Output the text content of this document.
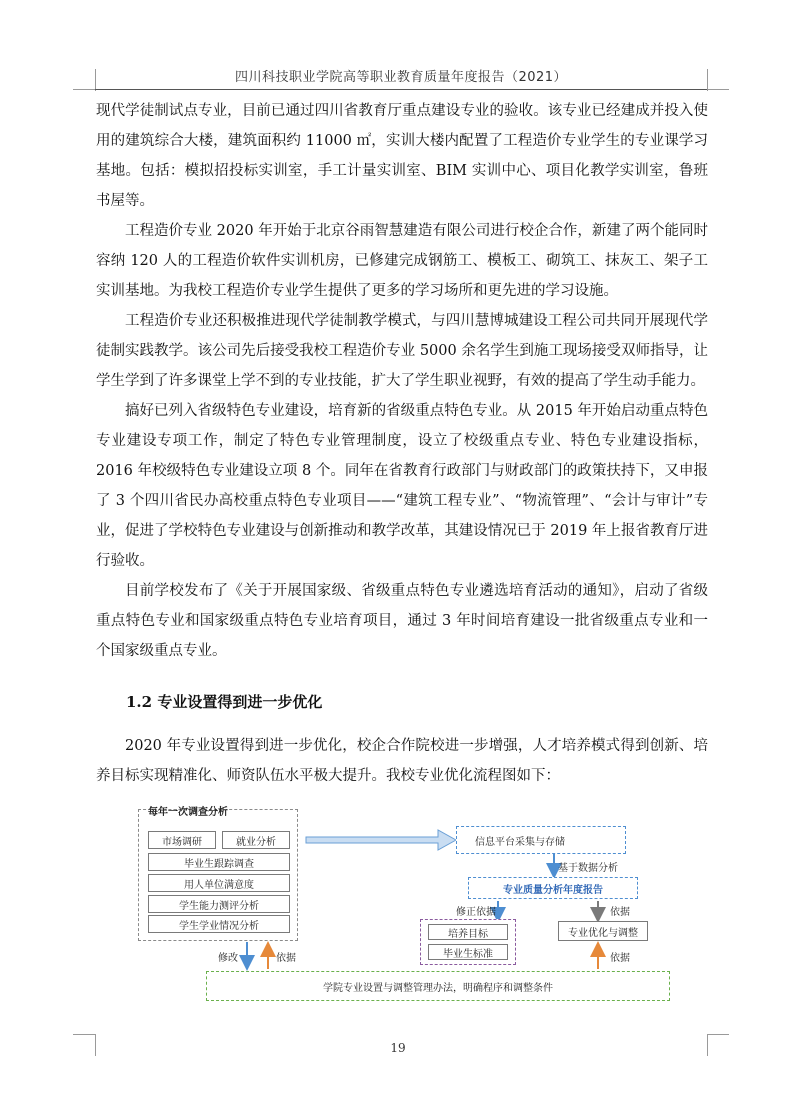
四川科技职业学院高等职业教育质量年度报告（2021）

现代学徒制试点专业，目前已通过四川省教育厅重点建设专业的验收。该专业已经建成并投入使用的建筑综合大楼，建筑面积约 11000 ㎡，实训大楼内配置了工程造价专业学生的专业课学习基地。包括：模拟招投标实训室，手工计量实训室、BIM 实训中心、项目化教学实训室，鲁班书屋等。

工程造价专业 2020 年开始于北京谷雨智慧建造有限公司进行校企合作，新建了两个能同时容纳 120 人的工程造价软件实训机房，已修建完成钢筋工、模板工、砌筑工、抹灰工、架子工实训基地。为我校工程造价专业学生提供了更多的学习场所和更先进的学习设施。

工程造价专业还积极推进现代学徒制教学模式，与四川慧博城建设工程公司共同开展现代学徒制实践教学。该公司先后接受我校工程造价专业 5000 余名学生到施工现场接受双师指导，让学生学到了许多课堂上学不到的专业技能，扩大了学生职业视野，有效的提高了学生动手能力。

搞好已列入省级特色专业建设，培育新的省级重点特色专业。从 2015 年开始启动重点特色专业建设专项工作，制定了特色专业管理制度，设立了校级重点专业、特色专业建设指标，2016 年校级特色专业建设立项 8 个。同年在省教育行政部门与财政部门的政策扶持下，又申报了 3 个四川省民办高校重点特色专业项目——“建筑工程专业”、“物流管理”、“会计与审计”专业，促进了学校特色专业建设与创新推动和教学改革，其建设情况已于 2019 年上报省教育厅进行验收。

目前学校发布了《关于开展国家级、省级重点特色专业遴选培育活动的通知》，启动了省级重点特色专业和国家级重点特色专业培育项目，通过 3 年时间培育建设一批省级重点专业和一个国家级重点专业。

1.2 专业设置得到进一步优化

2020 年专业设置得到进一步优化，校企合作院校进一步增强，人才培养模式得到创新、培养目标实现精准化、师资队伍水平极大提升。我校专业优化流程图如下：

每年一次调查分析
市场调研	就业分析
毕业生跟踪调查
用人单位满意度
学生能力测评分析
学生学业情况分析
信息平台采集与存储
基于数据分析
专业质量分析年度报告
修正依据	依据
培养目标
毕业生标准
专业优化与调整
修改	依据	依据
学院专业设置与调整管理办法，明确程序和调整条件
19
